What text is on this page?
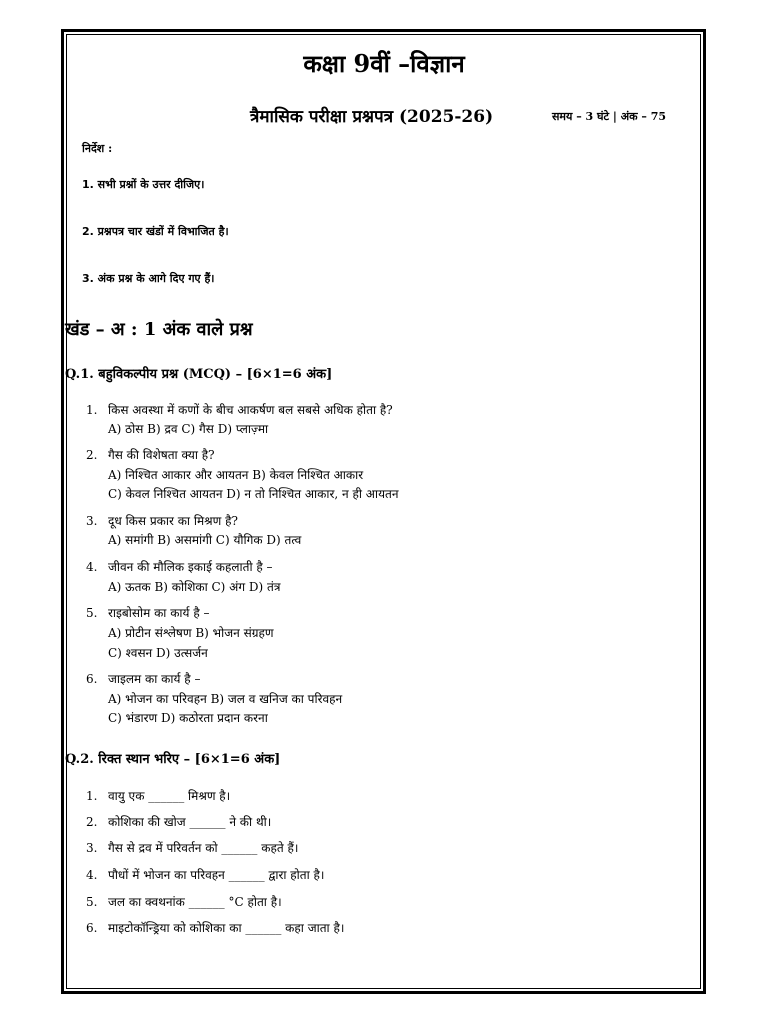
कक्षा 9वीं –विज्ञान
त्रैमासिक परीक्षा प्रश्नपत्र (2025-26)	समय – 3 घंटे | अंक – 75
निर्देश :
1. सभी प्रश्नों के उत्तर दीजिए।
2. प्रश्नपत्र चार खंडों में विभाजित है।
3. अंक प्रश्न के आगे दिए गए हैं।
खंड – अ : 1 अंक वाले प्रश्न
Q.1. बहुविकल्पीय प्रश्न (MCQ) – [6×1=6 अंक]
1. किस अवस्था में कणों के बीच आकर्षण बल सबसे अधिक होता है?
A) ठोस B) द्रव C) गैस D) प्लाज़्मा
2. गैस की विशेषता क्या है?
A) निश्चित आकार और आयतन B) केवल निश्चित आकार
C) केवल निश्चित आयतन D) न तो निश्चित आकार, न ही आयतन
3. दूध किस प्रकार का मिश्रण है?
A) समांगी B) असमांगी C) यौगिक D) तत्व
4. जीवन की मौलिक इकाई कहलाती है –
A) ऊतक B) कोशिका C) अंग D) तंत्र
5. राइबोसोम का कार्य है –
A) प्रोटीन संश्लेषण B) भोजन संग्रहण
C) श्वसन D) उत्सर्जन
6. जाइलम का कार्य है –
A) भोजन का परिवहन B) जल व खनिज का परिवहन
C) भंडारण D) कठोरता प्रदान करना
Q.2. रिक्त स्थान भरिए – [6×1=6 अंक]
1. वायु एक ______ मिश्रण है।
2. कोशिका की खोज ______ ने की थी।
3. गैस से द्रव में परिवर्तन को ______ कहते हैं।
4. पौधों में भोजन का परिवहन ______ द्वारा होता है।
5. जल का क्वथनांक ______ °C होता है।
6. माइटोकॉन्ड्रिया को कोशिका का ______ कहा जाता है।
